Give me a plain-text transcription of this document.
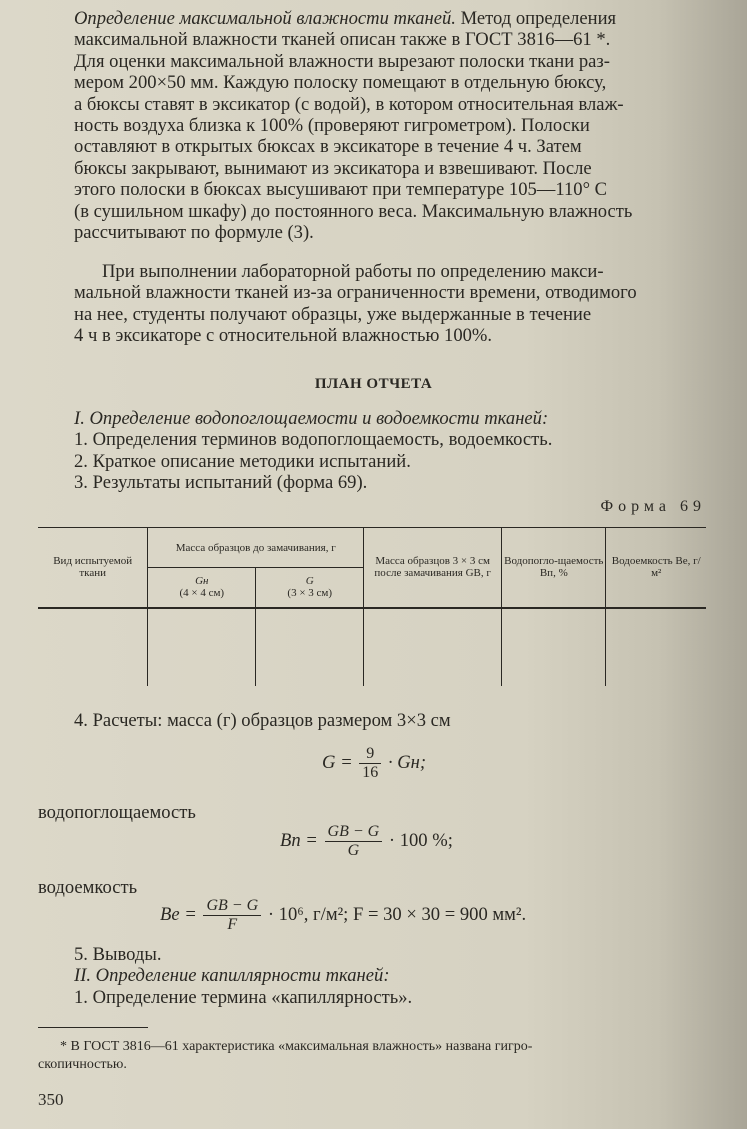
Определение максимальной влажности тканей. Метод определения
максимальной влажности тканей описан также в ГОСТ 3816—61 *.
Для оценки максимальной влажности вырезают полоски ткани раз-
мером 200×50 мм. Каждую полоску помещают в отдельную бюксу,
а бюксы ставят в эксикатор (с водой), в котором относительная влаж-
ность воздуха близка к 100% (проверяют гигрометром). Полоски
оставляют в открытых бюксах в эксикаторе в течение 4 ч. Затем
бюксы закрывают, вынимают из эксикатора и взвешивают. После
этого полоски в бюксах высушивают при температуре 105—110° С
(в сушильном шкафу) до постоянного веса. Максимальную влажность
рассчитывают по формуле (3).
При выполнении лабораторной работы по определению макси-
мальной влажности тканей из-за ограниченности времени, отводимого
на нее, студенты получают образцы, уже выдержанные в течение
4 ч в эксикаторе с относительной влажностью 100%.
ПЛАН ОТЧЕТА
I. Определение водопоглощаемости и водоемкости тканей:
1. Определения терминов водопоглощаемость, водоемкость.
2. Краткое описание методики испытаний.
3. Результаты испытаний (форма 69).
Форма 69
Вид испытуемой ткани	Масса образцов до замачивания, г		Масса образцов 3 × 3 см после замачивания GВ, г	Водопогло-щаемость Bп, %	Водоемкость Bе, г/м²

	Gн
(4 × 4 см)	G
(3 × 3 см)			

4. Расчеты: масса (г) образцов размером 3×3 см
$G = \frac{9}{16}$ · Gн;
водопоглощаемость
Bп = $\frac{GВ - G}{G} \cdot 100$ %;
водоемкость
Bе = $\frac{GВ - G}{F} \cdot 10^6$, г/м²; F = 30 × 30 = 900 мм².
5. Выводы.
II. Определение капиллярности тканей:
1. Определение термина «капиллярность».
* В ГОСТ 3816—61 характеристика «максимальная влажность» названа гигро-
скопичностью.
350
